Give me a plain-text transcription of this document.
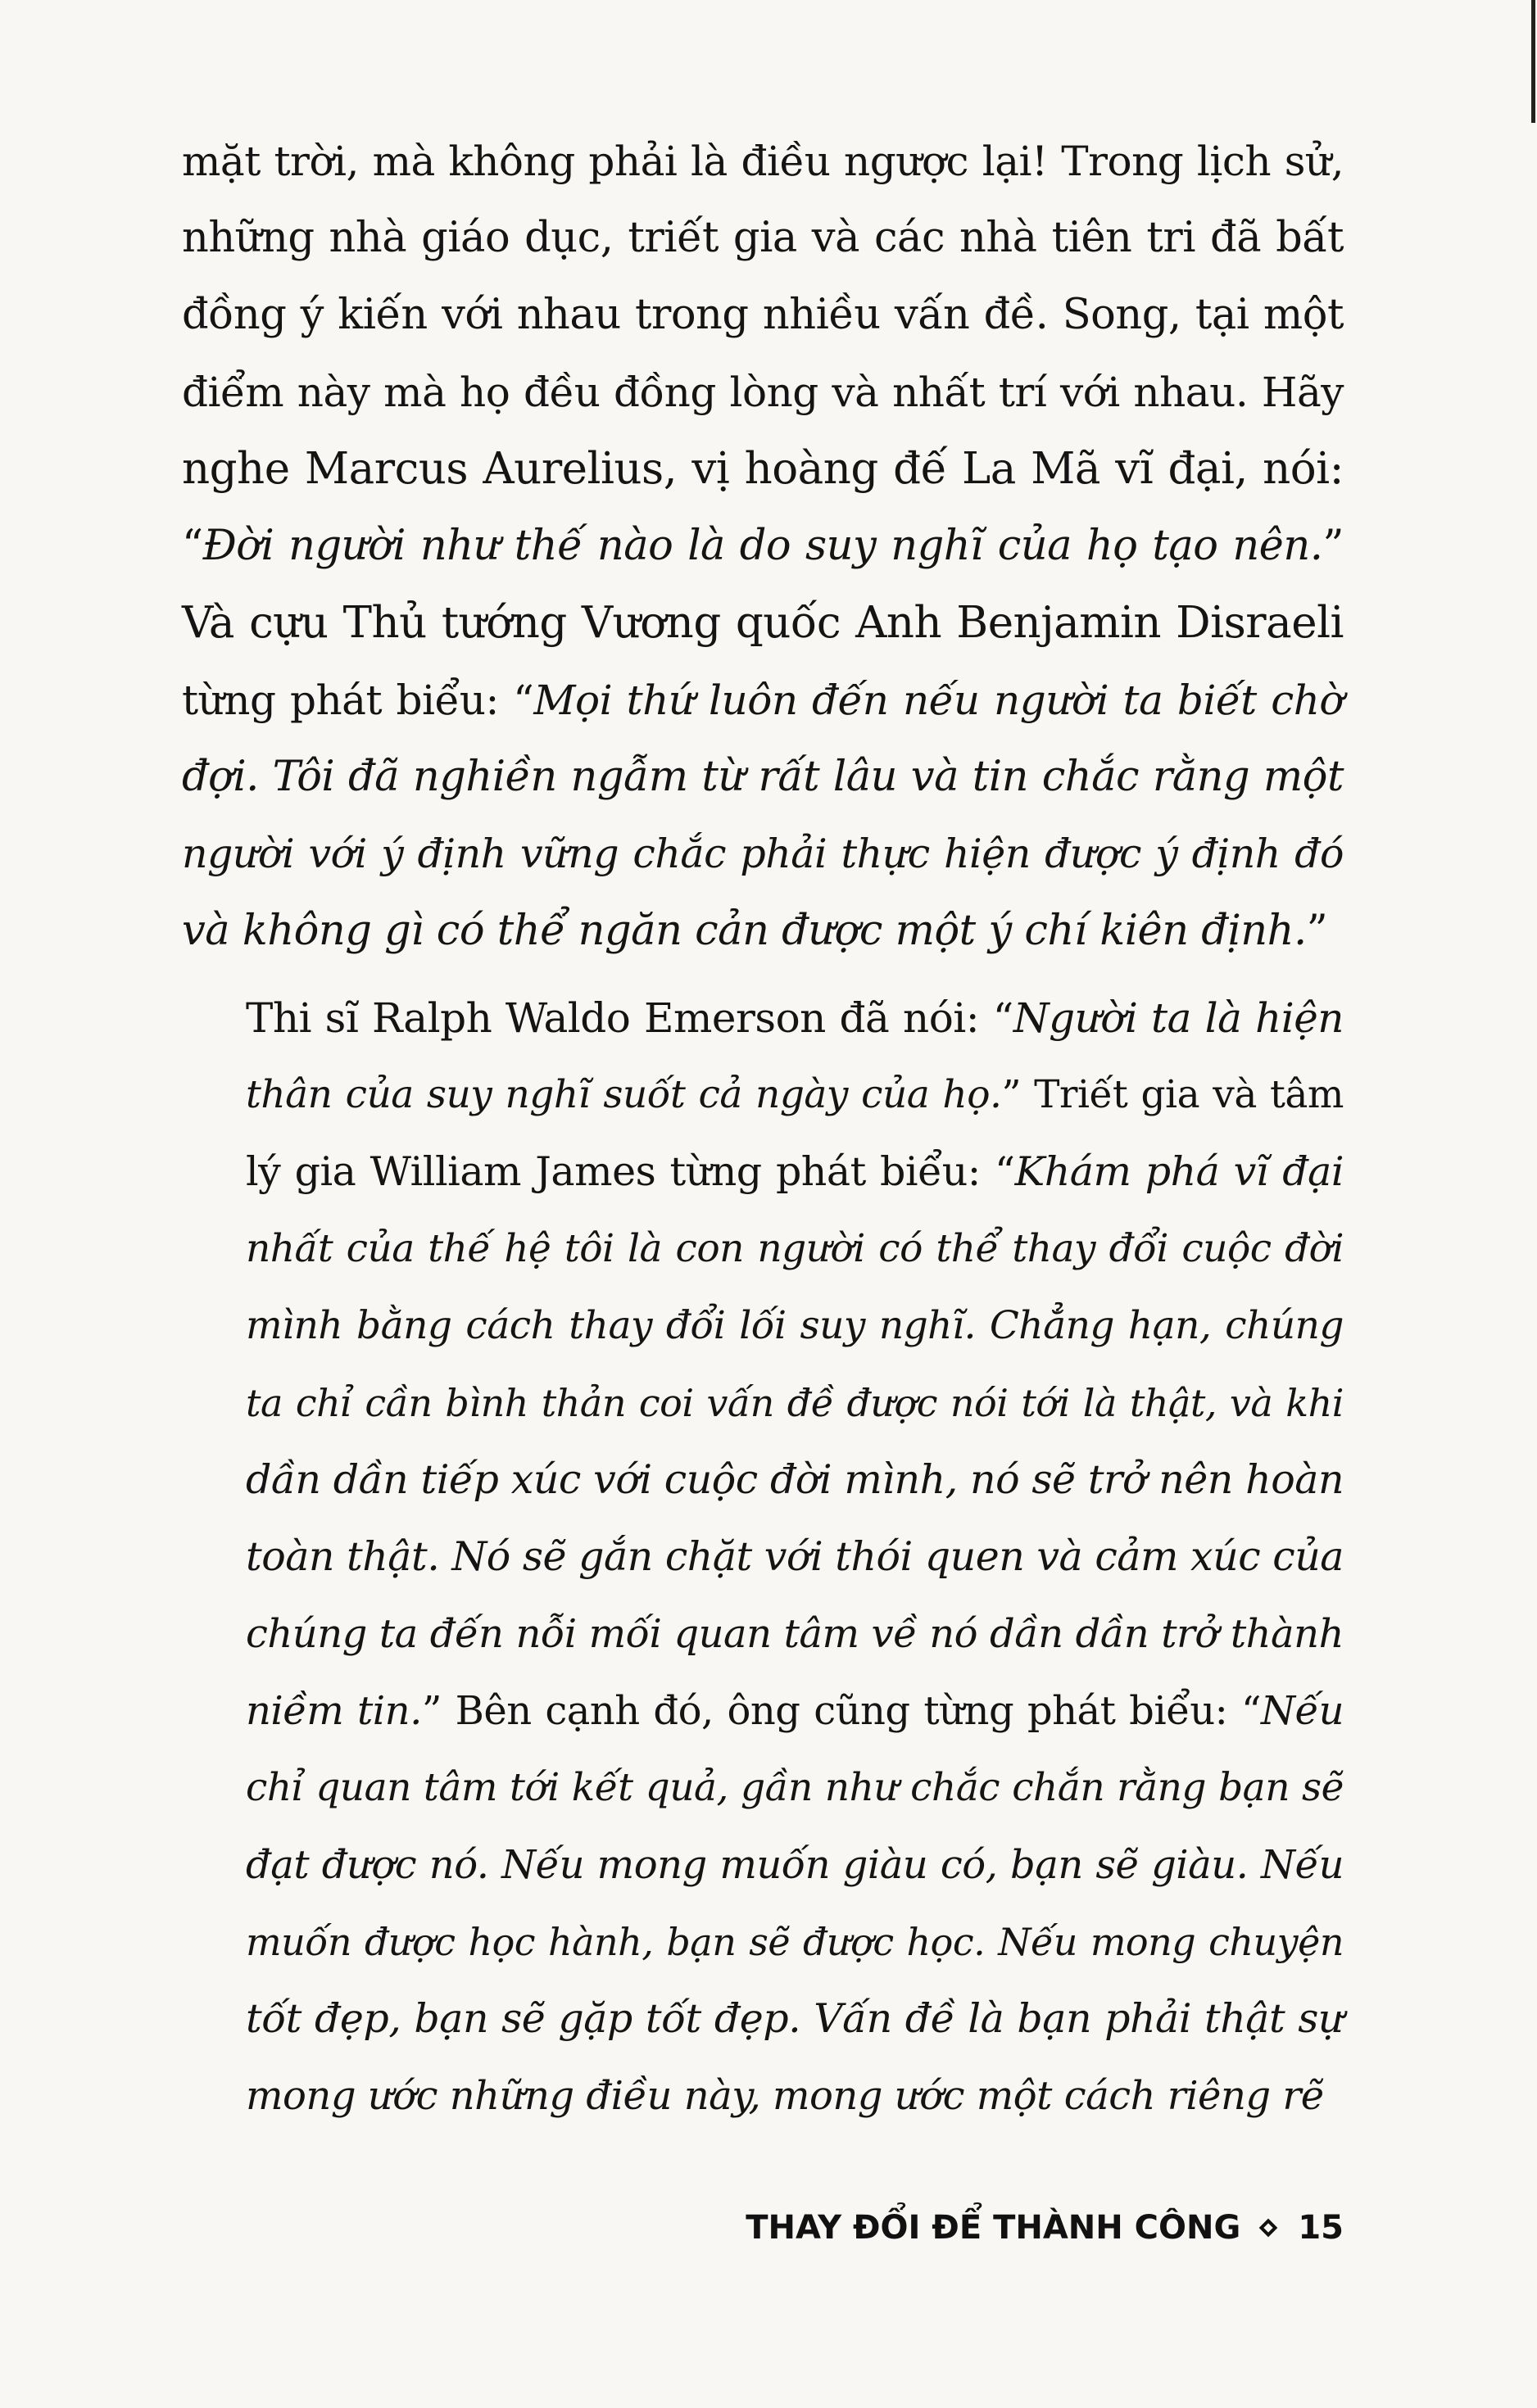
mặt trời, mà không phải là điều ngược lại! Trong lịch sử,
những nhà giáo dục, triết gia và các nhà tiên tri đã bất
đồng ý kiến với nhau trong nhiều vấn đề. Song, tại một
điểm này mà họ đều đồng lòng và nhất trí với nhau. Hãy
nghe Marcus Aurelius, vị hoàng đế La Mã vĩ đại, nói:
“Đời người như thế nào là do suy nghĩ của họ tạo nên.”
Và cựu Thủ tướng Vương quốc Anh Benjamin Disraeli
từng phát biểu: “Mọi thứ luôn đến nếu người ta biết chờ
đợi. Tôi đã nghiền ngẫm từ rất lâu và tin chắc rằng một
người với ý định vững chắc phải thực hiện được ý định đó
và không gì có thể ngăn cản được một ý chí kiên định.”

Thi sĩ Ralph Waldo Emerson đã nói: “Người ta là hiện
thân của suy nghĩ suốt cả ngày của họ.” Triết gia và tâm
lý gia William James từng phát biểu: “Khám phá vĩ đại
nhất của thế hệ tôi là con người có thể thay đổi cuộc đời
mình bằng cách thay đổi lối suy nghĩ. Chẳng hạn, chúng
ta chỉ cần bình thản coi vấn đề được nói tới là thật, và khi
dần dần tiếp xúc với cuộc đời mình, nó sẽ trở nên hoàn
toàn thật. Nó sẽ gắn chặt với thói quen và cảm xúc của
chúng ta đến nỗi mối quan tâm về nó dần dần trở thành
niềm tin.” Bên cạnh đó, ông cũng từng phát biểu: “Nếu
chỉ quan tâm tới kết quả, gần như chắc chắn rằng bạn sẽ
đạt được nó. Nếu mong muốn giàu có, bạn sẽ giàu. Nếu
muốn được học hành, bạn sẽ được học. Nếu mong chuyện
tốt đẹp, bạn sẽ gặp tốt đẹp. Vấn đề là bạn phải thật sự
mong ước những điều này, mong ước một cách riêng rẽ

THAY ĐỔI ĐỂ THÀNH CÔNG 15
